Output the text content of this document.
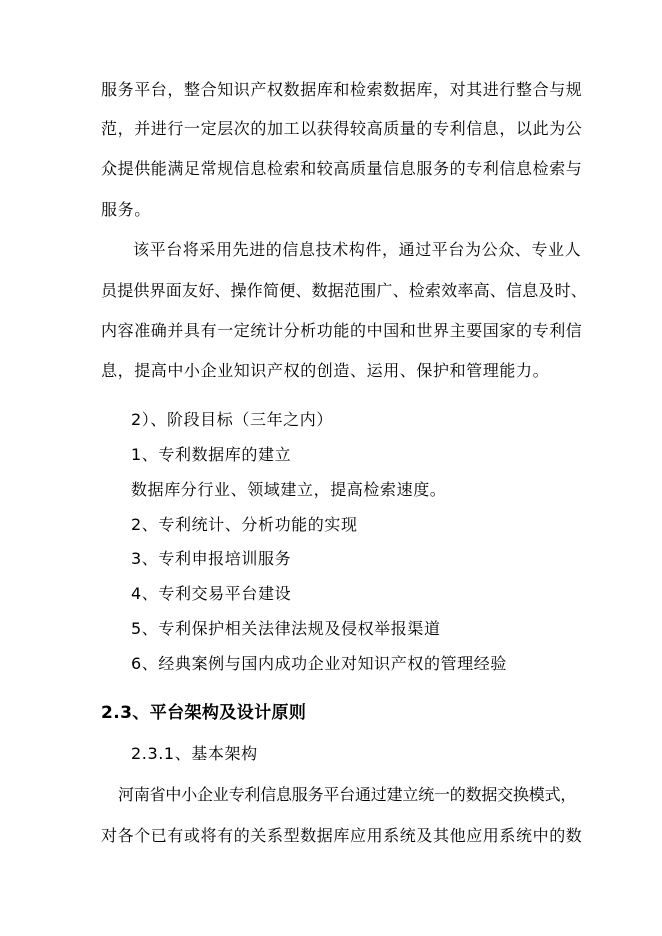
服务平台，整合知识产权数据库和检索数据库，对其进行整合与规
范，并进行一定层次的加工以获得较高质量的专利信息，以此为公
众提供能满足常规信息检索和较高质量信息服务的专利信息检索与
服务。
该平台将采用先进的信息技术构件，通过平台为公众、专业人
员提供界面友好、操作简便、数据范围广、检索效率高、信息及时、
内容准确并具有一定统计分析功能的中国和世界主要国家的专利信
息，提高中小企业知识产权的创造、运用、保护和管理能力。
2）、阶段目标（三年之内）
1、专利数据库的建立
数据库分行业、领域建立，提高检索速度。
2、专利统计、分析功能的实现
3、专利申报培训服务
4、专利交易平台建设
5、专利保护相关法律法规及侵权举报渠道
6、经典案例与国内成功企业对知识产权的管理经验
2.3、平台架构及设计原则
2.3.1、基本架构
河南省中小企业专利信息服务平台通过建立统一的数据交换模式，
对各个已有或将有的关系型数据库应用系统及其他应用系统中的数
